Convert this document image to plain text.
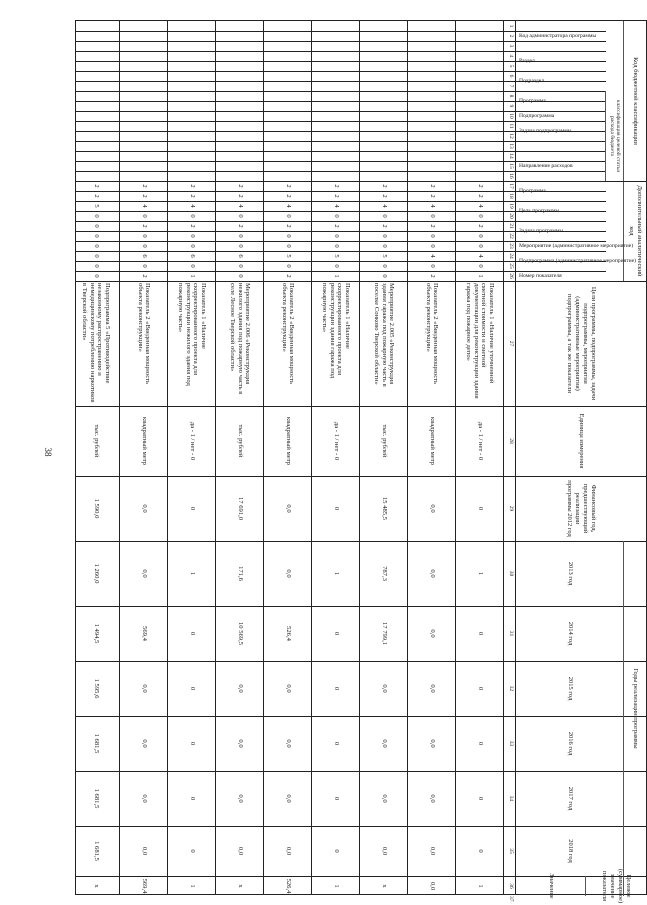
38
Код бюджетной классификации
Дополнительный аналитический код
Цели программы, подпрограммы, задачи подпрограммы, мероприятия (административные мероприятия) подпрограммы, а так же показатели
Единица измерения
Финансовый год, предшествующий реализации программы 2012 год
Годы реализации программы
2013 год
2014 год
2015 год
2016 год
2017 год
2018 год
Целевое (суммарное) значение показателя
Значение
Код администратора программы
Раздел
Подраздел
Программа
Подпрограмма
Задача подпрограммы
Направление расходов	классификация целевой статьи расхода бюджета
Программа
Цель программы
Задача программы
Мероприятие (административное мероприятие)
Подпрограмма (административное мероприятие)
Номер показателя
1
2
3
4
5
6
7
8
9
10
11
12
13
14
15
16
17
18
19
20
21
22
23
24
25
26
27
28
29
30
31
32
33
34
35
36
37
2
2
4
0
2
0
0
4
0
1
Показатель 1 «Наличие уточненной сметной стоимости и сметной документации для реконструкции здания гаража под пожарное депо»
да - 1 / нет - 0
0
1
0
0
0
0
0
1
2
2
4
0
2
0
0
4
0
2
Показатель 2 «Введенная мощность объекта реконструкции»
квадратный метр
0,0
0,0
0,0
0,0
0,0
0,0
0,0
0,0
2
2
4
0
2
0
0
5
0
0
Мероприятие 2.005 «Реконструкция здания гаража под пожарную часть в поселке Сонково Тверской области»
тыс. рублей
15 485,5
787,3
17 799,1
0,0
0,0
0,0
0,0
х
2
2
4
0
2
0
0
5
0
1
Показатель 1 «Наличие скорректированного проекта для реконструкции здания гаража под пожарную часть»
да - 1 / нет - 0
0
1
0
0
0
0
0
1
2
2
4
0
2
0
0
5
0
2
Показатель 2 «Введенная мощность объекта реконструкции»
квадратный метр
0,0
0,0
526,4
0,0
0,0
0,0
0,0
526,4
2
2
4
0
2
0
0
6
0
0
Мероприятие 2.006 «Реконструкция нежилого здания под пожарную часть в селе Лесное Тверской области»
тыс. рублей
17 691,0
171,6
10 569,5
0,0
0,0
0,0
0,0
х
2
2
4
0
2
0
0
6
0
1
Показатель 1 «Наличие скорректированного проекта для реконструкции нежилого здания под пожарную часть»
да - 1 / нет - 0
0
1
0
0
0
0
0
1
2
2
4
0
2
0
0
6
0
2
Показатель 2 «Введенная мощность объекта реконструкции»
квадратный метр
0,0
0,0
569,4
0,0
0,0
0,0
0,0
569,4
2
2
5
0
0
0
0
0
0
0
Подпрограмма 5 «Противодействие незаконному распространению и немедицинскому потреблению наркотиков в Тверской области»
тыс. рублей
1 590,0
1 260,0
1 494,5
1 595,6
1 681,5
1 681,5
1 681,5
х
